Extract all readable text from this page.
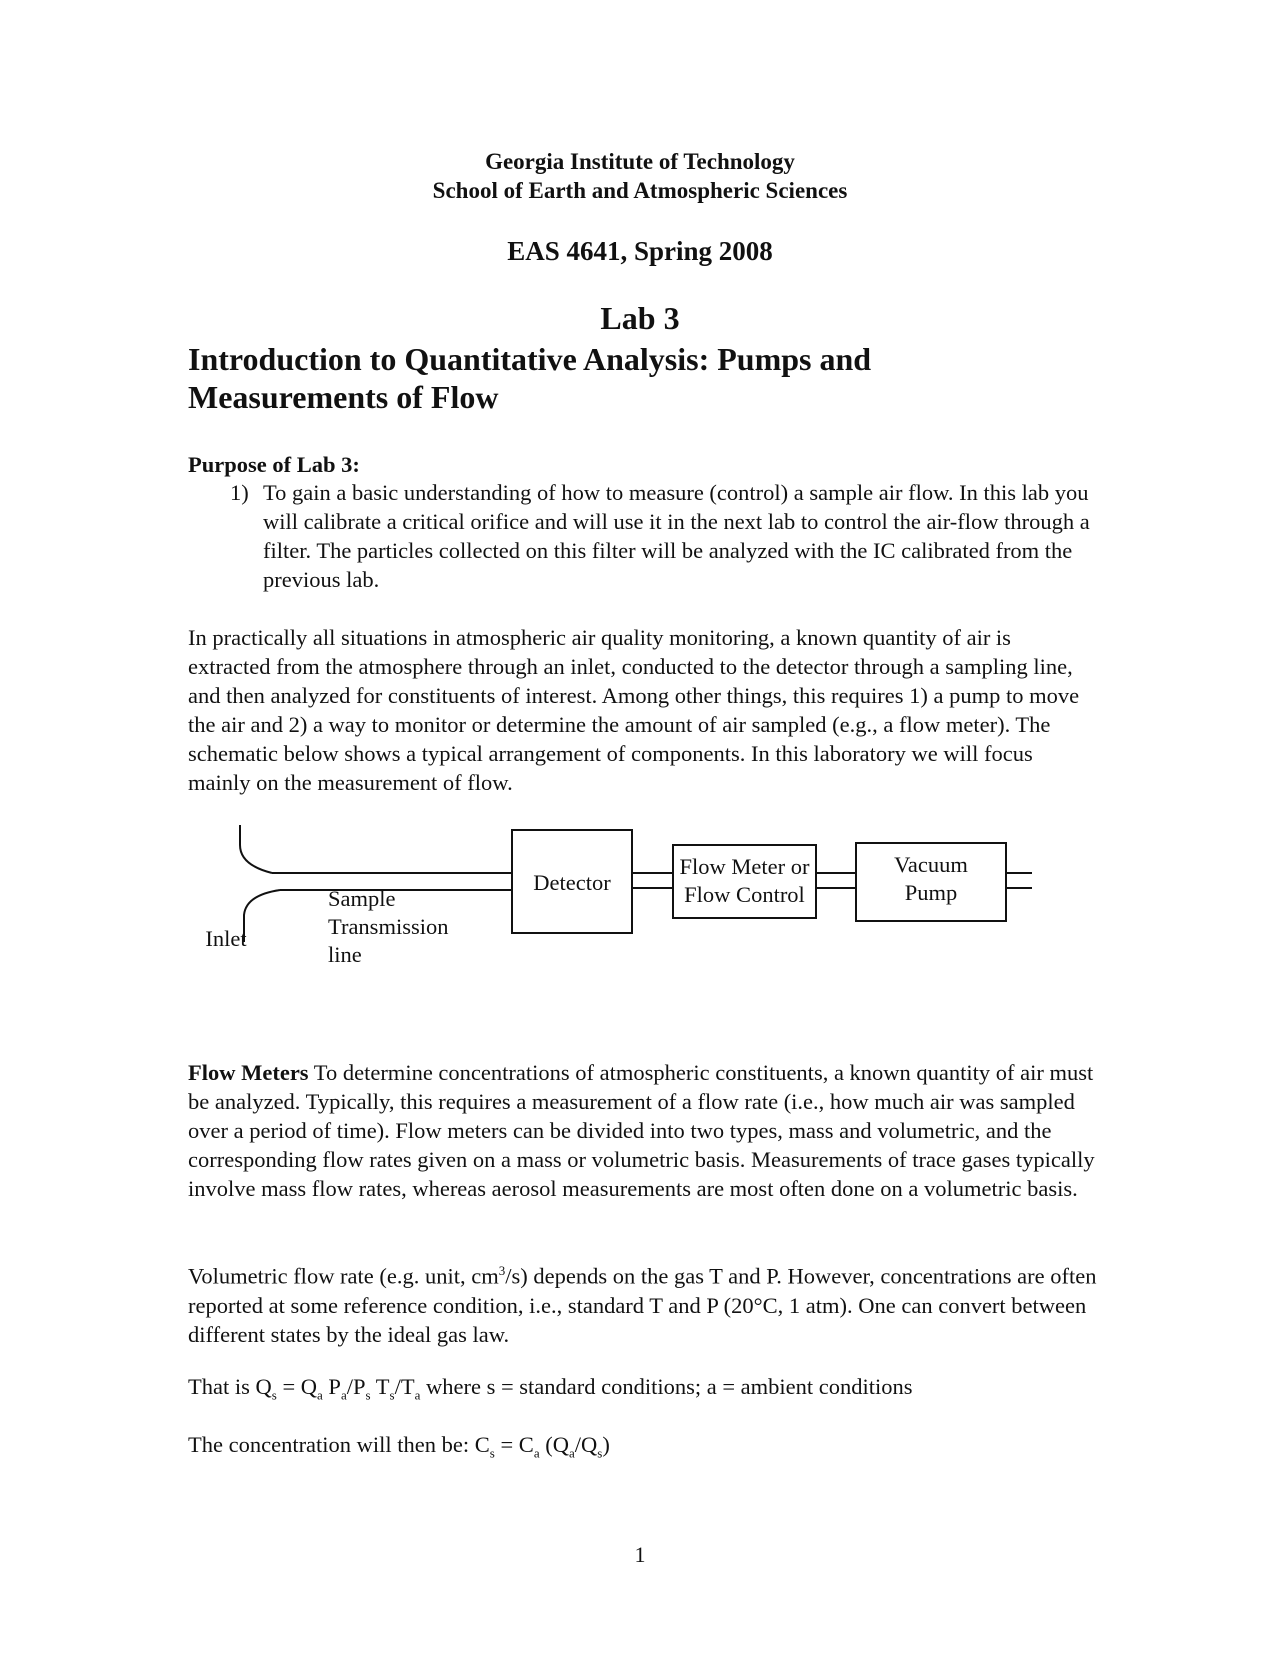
Georgia Institute of Technology
School of Earth and Atmospheric Sciences
EAS 4641, Spring 2008
Lab 3
Introduction to Quantitative Analysis: Pumps and
Measurements of Flow
Purpose of Lab 3:
1) To gain a basic understanding of how to measure (control) a sample air flow. In this lab you will calibrate a critical orifice and will use it in the next lab to control the air-flow through a filter. The particles collected on this filter will be analyzed with the IC calibrated from the previous lab.

In practically all situations in atmospheric air quality monitoring, a known quantity of air is extracted from the atmosphere through an inlet, conducted to the detector through a sampling line, and then analyzed for constituents of interest. Among other things, this requires 1) a pump to move the air and 2) a way to monitor or determine the amount of air sampled (e.g., a flow meter). The schematic below shows a typical arrangement of components. In this laboratory we will focus mainly on the measurement of flow.

Inlet
Sample
Transmission
line
Detector
Flow Meter or
Flow Control
Vacuum
Pump

Flow Meters To determine concentrations of atmospheric constituents, a known quantity of air must be analyzed. Typically, this requires a measurement of a flow rate (i.e., how much air was sampled over a period of time). Flow meters can be divided into two types, mass and volumetric, and the corresponding flow rates given on a mass or volumetric basis. Measurements of trace gases typically involve mass flow rates, whereas aerosol measurements are most often done on a volumetric basis.

Volumetric flow rate (e.g. unit, $cm^3/s$) depends on the gas T and P. However, concentrations are often reported at some reference condition, i.e., standard T and P (20°C, 1 atm). One can convert between different states by the ideal gas law.

That is $Q_s = Q_a$ $P_a/P_s$ $T_s/T_a$ where s = standard conditions; a = ambient conditions

The concentration will then be: $C_s = C_a$ $(Q_a/Q_s)$

1
